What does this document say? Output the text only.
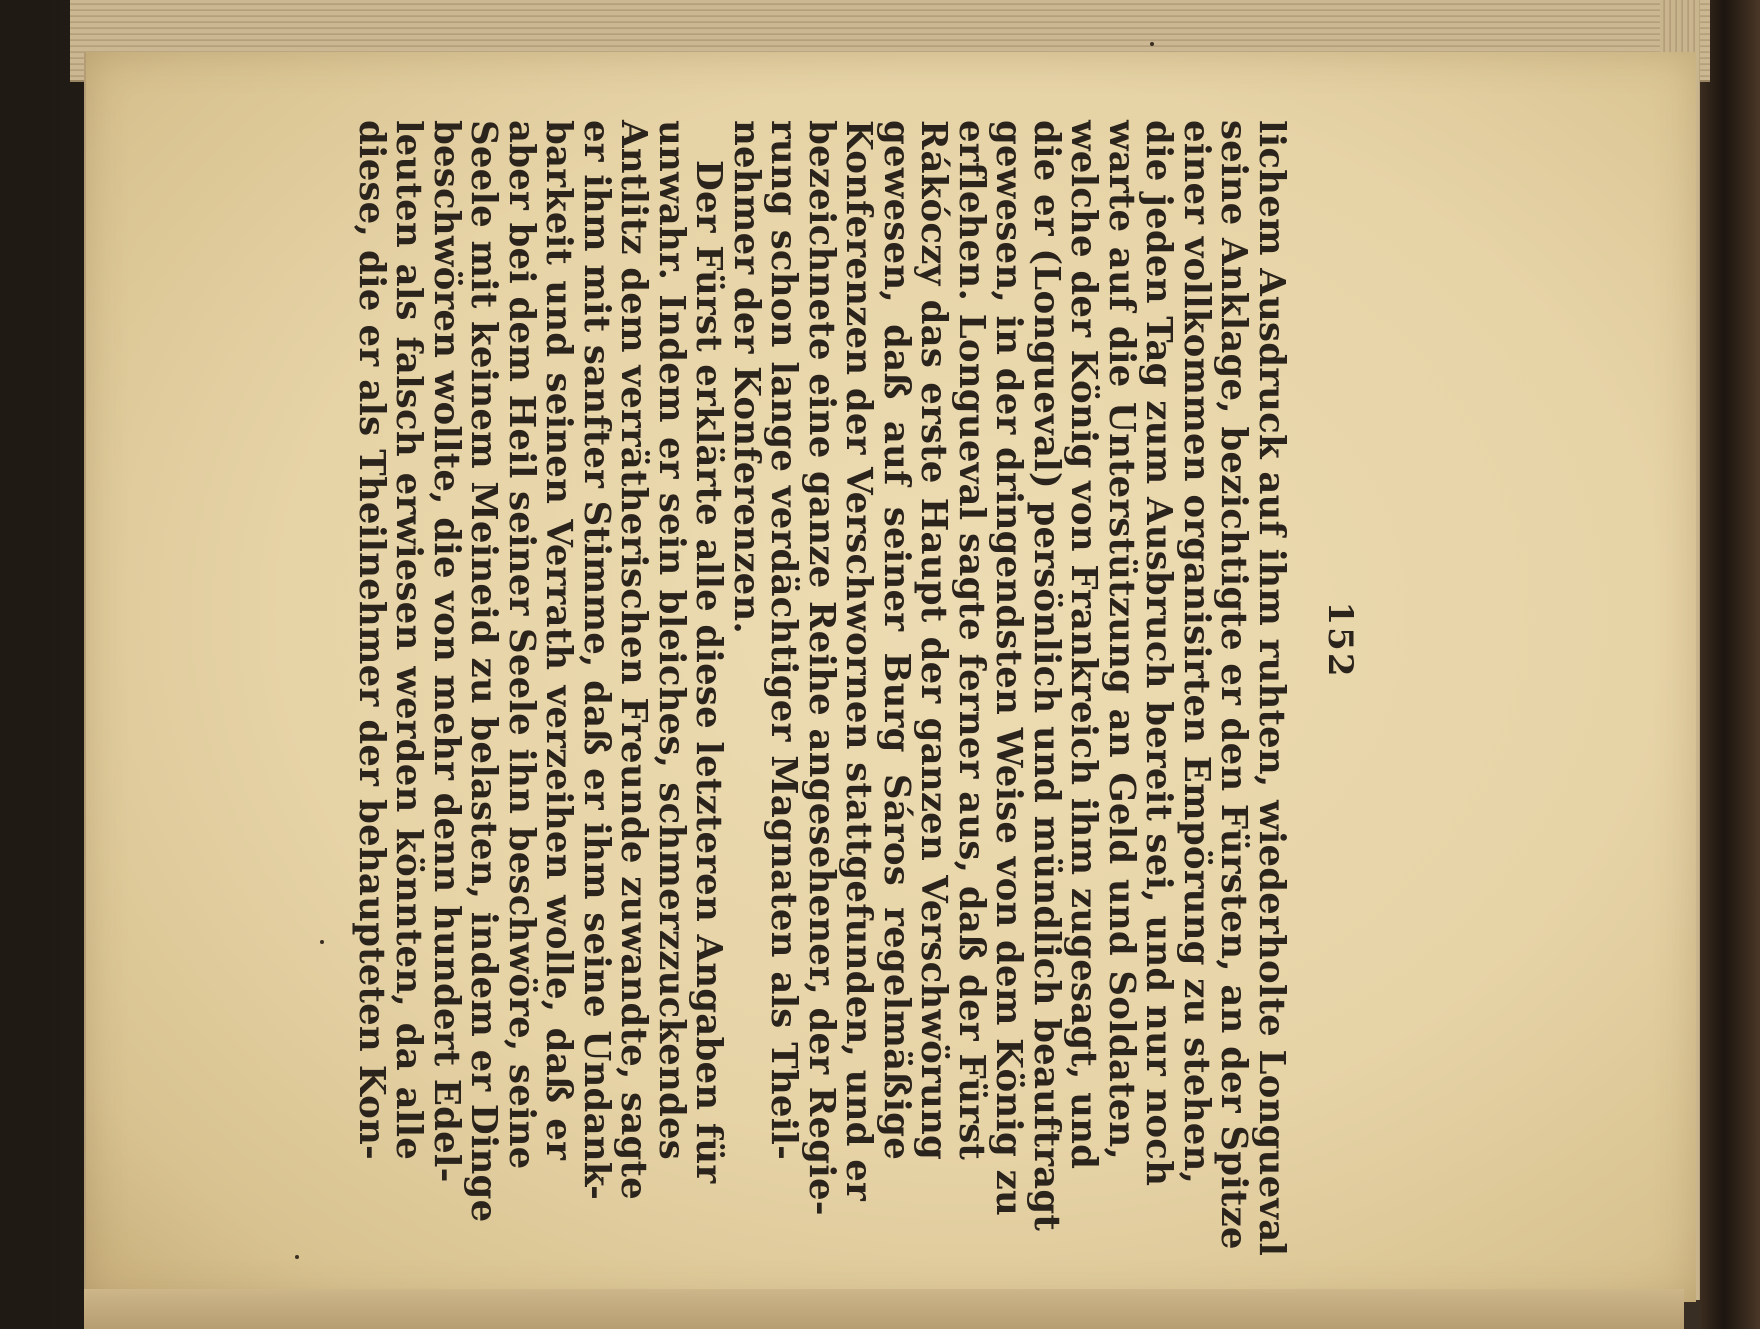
152
lichem Ausdruck auf ihm ruhten, wiederholte Longueval
seine Anklage, bezichtigte er den Fürsten, an der Spitze
einer vollkommen organisirten Empörung zu stehen,
die jeden Tag zum Ausbruch bereit sei, und nur noch
warte auf die Unterstützung an Geld und Soldaten,
welche der König von Frankreich ihm zugesagt, und
die er (Longueval) persönlich und mündlich beauftragt
gewesen, in der dringendsten Weise von dem König zu
erflehen. Longueval sagte ferner aus, daß der Fürst
Rákóczy das erste Haupt der ganzen Verschwörung
gewesen, daß auf seiner Burg Sáros regelmäßige
Konferenzen der Verschwornen stattgefunden, und er
bezeichnete eine ganze Reihe angesehener, der Regie-
rung schon lange verdächtiger Magnaten als Theil-
nehmer der Konferenzen.
Der Fürst erklärte alle diese letzteren Angaben für
unwahr. Indem er sein bleiches, schmerzzuckendes
Antlitz dem verrätherischen Freunde zuwandte, sagte
er ihm mit sanfter Stimme, daß er ihm seine Undank-
barkeit und seinen Verrath verzeihen wolle, daß er
aber bei dem Heil seiner Seele ihn beschwöre, seine
Seele mit keinem Meineid zu belasten, indem er Dinge
beschwören wollte, die von mehr denn hundert Edel-
leuten als falsch erwiesen werden könnten, da alle
diese, die er als Theilnehmer der behaupteten Kon-
